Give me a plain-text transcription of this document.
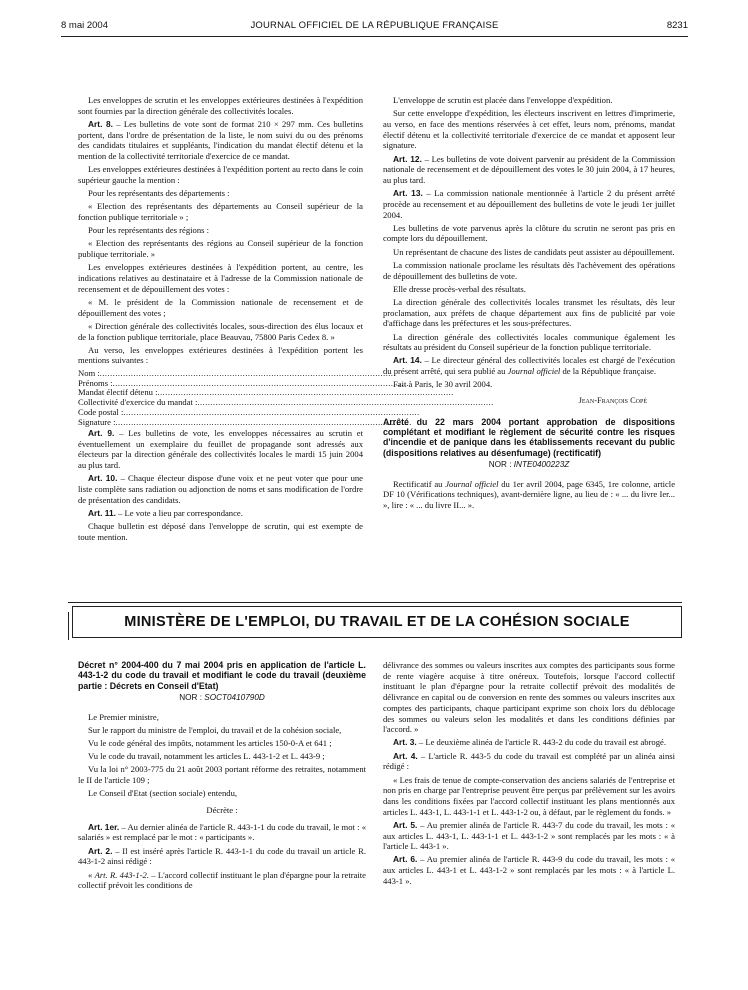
8 mai 2004	JOURNAL OFFICIEL DE LA RÉPUBLIQUE FRANÇAISE	8231

Les enveloppes de scrutin et les enveloppes extérieures destinées à l'expédition sont fournies par la direction générale des collectivités locales.

Art. 8. – Les bulletins de vote sont de format 210 × 297 mm. Ces bulletins portent, dans l'ordre de présentation de la liste, le nom suivi du ou des prénoms des candidats titulaires et suppléants, l'indication du mandat électif détenu et la mention de la collectivité territoriale d'exercice de ce mandat.

Les enveloppes extérieures destinées à l'expédition portent au recto dans le coin supérieur gauche la mention :

Pour les représentants des départements :

« Election des représentants des départements au Conseil supérieur de la fonction publique territoriale » ;

Pour les représentants des régions :

« Election des représentants des régions au Conseil supérieur de la fonction publique territoriale. »

Les enveloppes extérieures destinées à l'expédition portent, au centre, les indications relatives au destinataire et à l'adresse de la Commission nationale de recensement et de dépouillement des votes :

« M. le président de la Commission nationale de recensement et de dépouillement des votes ;

« Direction générale des collectivités locales, sous-direction des élus locaux et de la fonction publique territoriale, place Beauvau, 75800 Paris Cedex 8. »

Au verso, les enveloppes extérieures destinées à l'expédition portent les mentions suivantes :

Nom :..................................................................................................................
Prénoms :..................................................................................................................
Mandat électif détenu :..................................................................................................................
Collectivité d'exercice du mandat :..................................................................................................................
Code postal :..................................................................................................................
Signature :..................................................................................................................

Art. 9. – Les bulletins de vote, les enveloppes nécessaires au scrutin et éventuellement un exemplaire du feuillet de propagande sont adressés aux électeurs par la direction générale des collectivités locales le mardi 15 juin 2004 au plus tard.

Art. 10. – Chaque électeur dispose d'une voix et ne peut voter que pour une liste complète sans radiation ou adjonction de noms et sans modification de l'ordre de présentation des candidats.

Art. 11. – Le vote a lieu par correspondance.

Chaque bulletin est déposé dans l'enveloppe de scrutin, qui est exempte de toute mention.

L'enveloppe de scrutin est placée dans l'enveloppe d'expédition.

Sur cette enveloppe d'expédition, les électeurs inscrivent en lettres d'imprimerie, au verso, en face des mentions réservées à cet effet, leurs nom, prénoms, mandat électif détenu et la collectivité territoriale d'exercice de ce mandat et apposent leur signature.

Art. 12. – Les bulletins de vote doivent parvenir au président de la Commission nationale de recensement et de dépouillement des votes le 30 juin 2004, à 17 heures, au plus tard.

Art. 13. – La commission nationale mentionnée à l'article 2 du présent arrêté procède au recensement et au dépouillement des bulletins de vote le jeudi 1er juillet 2004.

Les bulletins de vote parvenus après la clôture du scrutin ne seront pas pris en compte lors du dépouillement.

Un représentant de chacune des listes de candidats peut assister au dépouillement.

La commission nationale proclame les résultats dès l'achèvement des opérations de dépouillement des bulletins de vote.

Elle dresse procès-verbal des résultats.

La direction générale des collectivités locales transmet les résultats, dès leur proclamation, aux préfets de chaque département aux fins de publicité par voie d'affichage dans les préfectures et les sous-préfectures.

La direction générale des collectivités locales communique également les résultats au président du Conseil supérieur de la fonction publique territoriale.

Art. 14. – Le directeur général des collectivités locales est chargé de l'exécution du présent arrêté, qui sera publié au Journal officiel de la République française.

Fait à Paris, le 30 avril 2004.

Jean-François Copé
Arrêté du 22 mars 2004 portant approbation de dispositions complétant et modifiant le règlement de sécurité contre les risques d'incendie et de panique dans les établissements recevant du public (dispositions relatives au désenfumage) (rectificatif)
NOR : INTE0400223Z

Rectificatif au Journal officiel du 1er avril 2004, page 6345, 1re colonne, article DF 10 (Vérifications techniques), avant-dernière ligne, au lieu de : « ... du livre Ier... », lire : « ... du livre II... ».

MINISTÈRE DE L'EMPLOI, DU TRAVAIL ET DE LA COHÉSION SOCIALE
Décret n° 2004-400 du 7 mai 2004 pris en application de l'article L. 443-1-2 du code du travail et modifiant le code du travail (deuxième partie : Décrets en Conseil d'Etat)
NOR : SOCT0410790D

Le Premier ministre,

Sur le rapport du ministre de l'emploi, du travail et de la cohésion sociale,

Vu le code général des impôts, notamment les articles 150-0-A et 641 ;

Vu le code du travail, notamment les articles L. 443-1-2 et L. 443-9 ;

Vu la loi n° 2003-775 du 21 août 2003 portant réforme des retraites, notamment le II de l'article 109 ;

Le Conseil d'Etat (section sociale) entendu,

Décrète :

Art. 1er. – Au dernier alinéa de l'article R. 443-1-1 du code du travail, le mot : « salariés » est remplacé par le mot : « participants ».

Art. 2. – Il est inséré après l'article R. 443-1-1 du code du travail un article R. 443-1-2 ainsi rédigé :

« Art. R. 443-1-2. – L'accord collectif instituant le plan d'épargne pour la retraite collectif prévoit les conditions de

délivrance des sommes ou valeurs inscrites aux comptes des participants sous forme de rente viagère acquise à titre onéreux. Toutefois, lorsque l'accord collectif instituant le plan d'épargne pour la retraite collectif prévoit des modalités de délivrance en capital ou de conversion en rente des sommes ou valeurs inscrites aux comptes des participants, chaque participant exprime son choix lors du déblocage des sommes ou valeurs selon les modalités et dans les conditions définies par l'accord. »

Art. 3. – Le deuxième alinéa de l'article R. 443-2 du code du travail est abrogé.

Art. 4. – L'article R. 443-5 du code du travail est complété par un alinéa ainsi rédigé :

« Les frais de tenue de compte-conservation des anciens salariés de l'entreprise et non pris en charge par l'entreprise peuvent être perçus par prélèvement sur les avoirs dans les conditions fixées par l'accord collectif instituant les plans mentionnés aux articles L. 443-1, L. 443-1-1 et L. 443-1-2 ou, à défaut, par le règlement du fonds. »

Art. 5. – Au premier alinéa de l'article R. 443-7 du code du travail, les mots : « aux articles L. 443-1, L. 443-1-1 et L. 443-1-2 » sont remplacés par les mots : « à l'article L. 443-1 ».

Art. 6. – Au premier alinéa de l'article R. 443-9 du code du travail, les mots : « aux articles L. 443-1 et L. 443-1-2 » sont remplacés par les mots : « à l'article L. 443-1 ».
